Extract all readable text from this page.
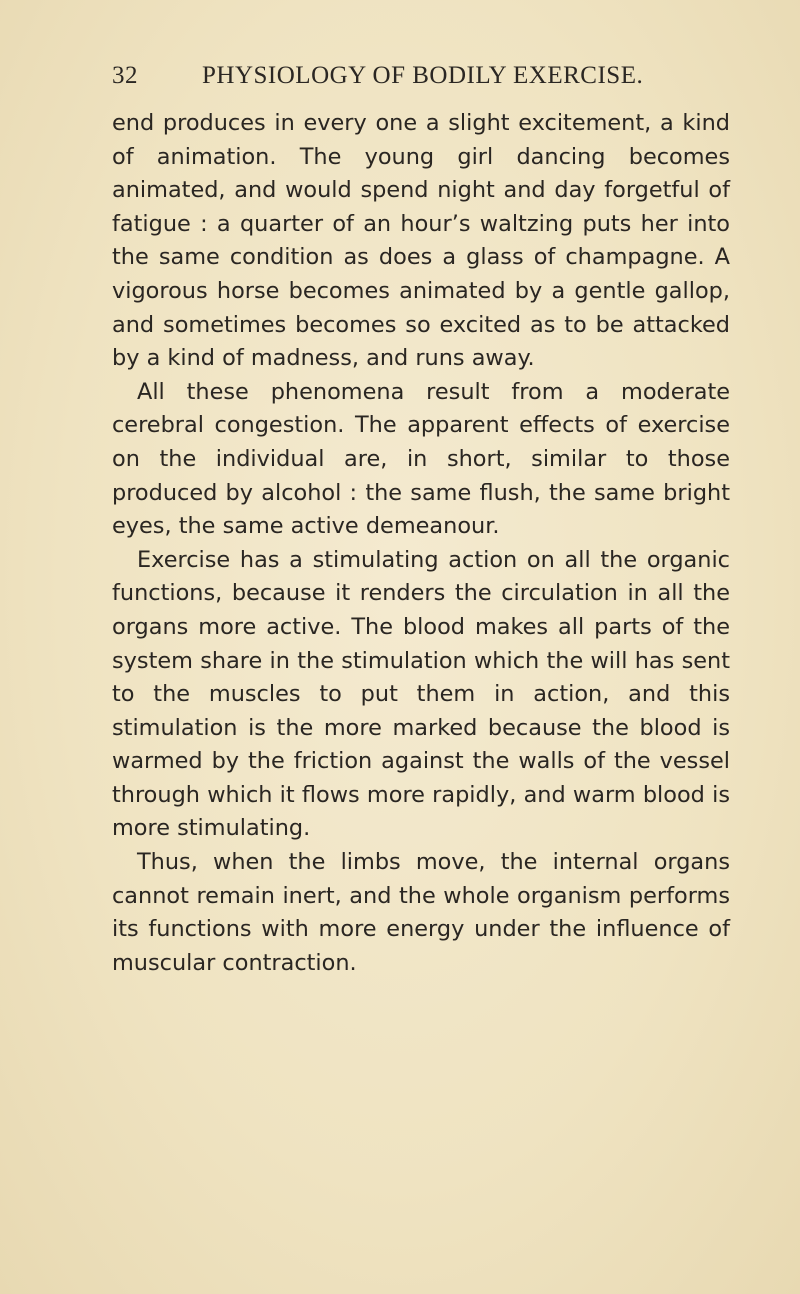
32	PHYSIOLOGY OF BODILY EXERCISE.

end produces in every one a slight excitement, a kind of animation. The young girl dancing becomes animated, and would spend night and day forgetful of fatigue : a quarter of an hour’s waltzing puts her into the same condition as does a glass of champagne. A vigorous horse becomes animated by a gentle gallop, and sometimes becomes so excited as to be attacked by a kind of madness, and runs away.

All these phenomena result from a moderate cerebral congestion. The apparent effects of exercise on the individual are, in short, similar to those produced by alcohol : the same flush, the same bright eyes, the same active demeanour.

Exercise has a stimulating action on all the organic functions, because it renders the circulation in all the organs more active. The blood makes all parts of the system share in the stimulation which the will has sent to the muscles to put them in action, and this stimulation is the more marked because the blood is warmed by the friction against the walls of the vessel through which it flows more rapidly, and warm blood is more stimulating.

Thus, when the limbs move, the internal organs cannot remain inert, and the whole organism performs its functions with more energy under the influence of muscular contraction.
